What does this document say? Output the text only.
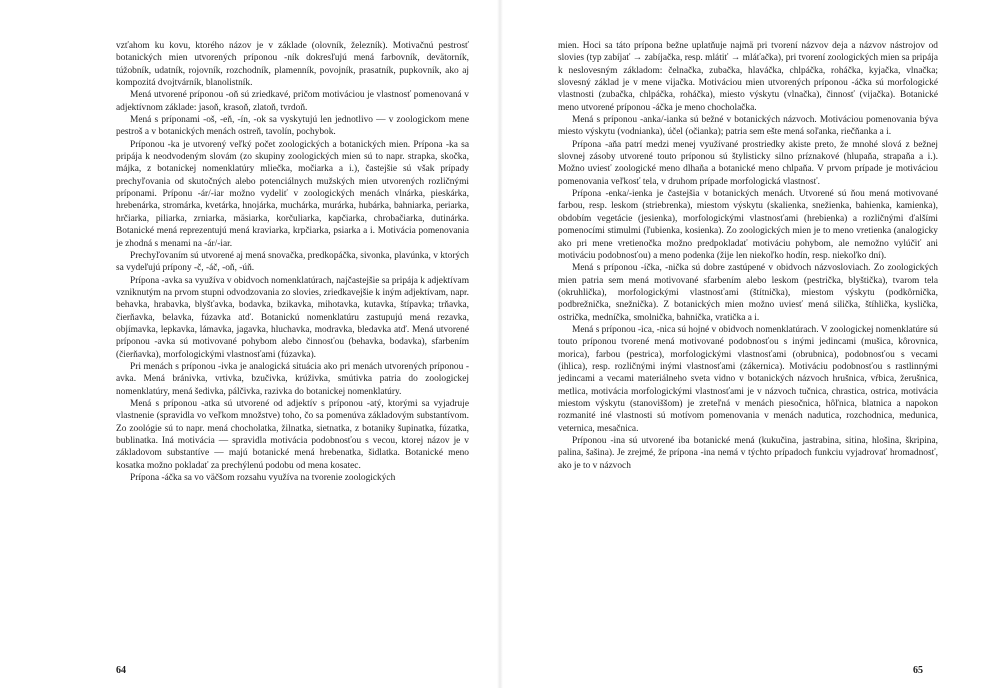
vzťahom ku kovu, ktorého názov je v základe (olovník, železník). Motivačnú pestrosť botanických mien utvorených príponou -ník dokresľujú mená farbovník, devätorník, túžobník, udatník, rojovník, rozchodník, plamenník, povojník, prasatník, pupkovník, ako aj kompozitá dvojtvárník, blanolistník.

Mená utvorené príponou -oň sú zriedkavé, pričom motiváciou je vlastnosť pomenovaná v adjektívnom základe: jasoň, krasoň, zlatoň, tvrdoň.

Mená s príponami -oš, -eň, -ín, -ok sa vyskytujú len jednotlivo — v zoologickom mene pestroš a v botanických menách ostreň, tavolín, pochybok.

Príponou -ka je utvorený veľký počet zoologických a botanických mien. Prípona -ka sa pripája k neodvodeným slovám (zo skupiny zoologických mien sú to napr. strapka, skočka, májka, z botanickej nomenklatúry mliečka, močiarka a i.), častejšie sú však prípady prechyľovania od skutočných alebo potenciálnych mužských mien utvorených rozličnými príponami. Príponu -ár/-iar možno vydeliť v zoologických menách vlnárka, pieskárka, hrebenárka, stromárka, kvetárka, hnojárka, muchárka, murárka, hubárka, bahniarka, periarka, hrčiarka, piliarka, zrniarka, mäsiarka, korčuliarka, kapčiarka, chrobačiarka, dutinárka. Botanické mená reprezentujú mená kraviarka, krpčiarka, psiarka a i. Motivácia pomenovania je zhodná s menami na -ár/-iar.

Prechyľovaním sú utvorené aj mená snovačka, predkopáčka, sivonka, plavúnka, v ktorých sa vydeľujú prípony -č, -áč, -oň, -úň.

Prípona -avka sa využíva v obidvoch nomenklatúrach, najčastejšie sa pripája k adjektívam vzniknutým na prvom stupni odvodzovania zo slovies, zriedkavejšie k iným adjektívam, napr. behavka, hrabavka, blyšťavka, bodavka, bzikavka, mihotavka, kutavka, štípavka; trňavka, čierňavka, belavka, fúzavka atď. Botanickú nomenklatúru zastupujú mená rezavka, objímavka, lepkavka, lámavka, jagavka, hluchavka, modravka, bledavka atď. Mená utvorené príponou -avka sú motivované pohybom alebo činnosťou (behavka, bodavka), sfarbením (čierňavka), morfologickými vlastnosťami (fúzavka).

Pri menách s príponou -ivka je analogická situácia ako pri menách utvorených príponou -avka. Mená bránivka, vrtivka, bzučivka, krúživka, smútivka patria do zoologickej nomenklatúry, mená šedivka, pálčivka, razivka do botanickej nomenklatúry.

Mená s príponou -atka sú utvorené od adjektív s príponou -atý, ktorými sa vyjadruje vlastnenie (spravidla vo veľkom množstve) toho, čo sa pomenúva základovým substantívom. Zo zoológie sú to napr. mená chocholatka, žilnatka, sietnatka, z botaniky šupinatka, fúzatka, bublinatka. Iná motivácia — spravidla motivácia podobnosťou s vecou, ktorej názov je v základovom substantíve — majú botanické mená hrebenatka, šidlatka. Botanické meno kosatka možno pokladať za prechýlenú podobu od mena kosatec.

Prípona -áčka sa vo väčšom rozsahu využíva na tvorenie zoologických

64

mien. Hoci sa táto prípona bežne uplatňuje najmä pri tvorení názvov deja a názvov nástrojov od slovies (typ zabíjať → zabíjačka, resp. mlátiť → mláťačka), pri tvorení zoologických mien sa pripája k neslovesným základom: čelnačka, zubačka, hlaváčka, chlpáčka, roháčka, kyjačka, vlnačka; slovesný základ je v mene vijačka. Motiváciou mien utvorených príponou -áčka sú morfologické vlastnosti (zubačka, chlpáčka, roháčka), miesto výskytu (vlnačka), činnosť (vijačka). Botanické meno utvorené príponou -áčka je meno chocholačka.

Mená s príponou -anka/-ianka sú bežné v botanických názvoch. Motiváciou pomenovania býva miesto výskytu (vodnianka), účel (očianka); patria sem ešte mená soľanka, riečňanka a i.

Prípona -aňa patrí medzi menej využívané prostriedky akiste preto, že mnohé slová z bežnej slovnej zásoby utvorené touto príponou sú štylisticky silno príznakové (hlupaňa, strapaňa a i.). Možno uviesť zoologické meno dlhaňa a botanické meno chlpaňa. V prvom prípade je motiváciou pomenovania veľkosť tela, v druhom prípade morfologická vlastnosť.

Prípona -enka/-ienka je častejšia v botanických menách. Utvorené sú ňou mená motivované farbou, resp. leskom (striebrenka), miestom výskytu (skalienka, snežienka, bahienka, kamienka), obdobím vegetácie (jesienka), morfologickými vlastnosťami (hrebienka) a rozličnými ďalšími pomenocími stimulmi (ľubienka, kosienka). Zo zoologických mien je to meno vretienka (analogicky ako pri mene vretienočka možno predpokladať motiváciu pohybom, ale nemožno vylúčiť ani motiváciu podobnosťou) a meno podenka (žije len niekoľko hodín, resp. niekoľko dní).

Mená s príponou -íčka, -nička sú dobre zastúpené v obidvoch názvosloviach. Zo zoologických mien patria sem mená motivované sfarbením alebo leskom (pestrička, blyštička), tvarom tela (okruhlička), morfologickými vlastnosťami (štítnička), miestom výskytu (podkôrnička, podbrežnička, snežnička). Z botanických mien možno uviesť mená silička, štíhlička, kyslička, ostrička, medníčka, smolnička, bahnička, vratička a i.

Mená s príponou -ica, -nica sú hojné v obidvoch nomenklatúrach. V zoologickej nomenklatúre sú touto príponou tvorené mená motivované podobnosťou s inými jedincami (mušica, kôrovnica, morica), farbou (pestrica), morfologickými vlastnosťami (obrubnica), podobnosťou s vecami (ihlica), resp. rozličnými inými vlastnosťami (zákernica). Motiváciu podobnosťou s rastlinnými jedincami a vecami materiálneho sveta vidno v botanických názvoch hrušnica, vŕbica, žerušnica, metlica, motivácia morfologickými vlastnosťami je v názvoch tučnica, chrastica, ostrica, motivácia miestom výskytu (stanoviššom) je zreteľná v menách piesočnica, hôľnica, blatnica a napokon rozmanité iné vlastnosti sú motívom pomenovania v menách nadutica, rozchodnica, medunica, veternica, mesačnica.

Príponou -ina sú utvorené iba botanické mená (kukučina, jastrabina, sitina, hlošina, škripina, palina, šašina). Je zrejmé, že prípona -ina nemá v týchto prípadoch funkciu vyjadrovať hromadnosť, ako je to v názvoch

65
